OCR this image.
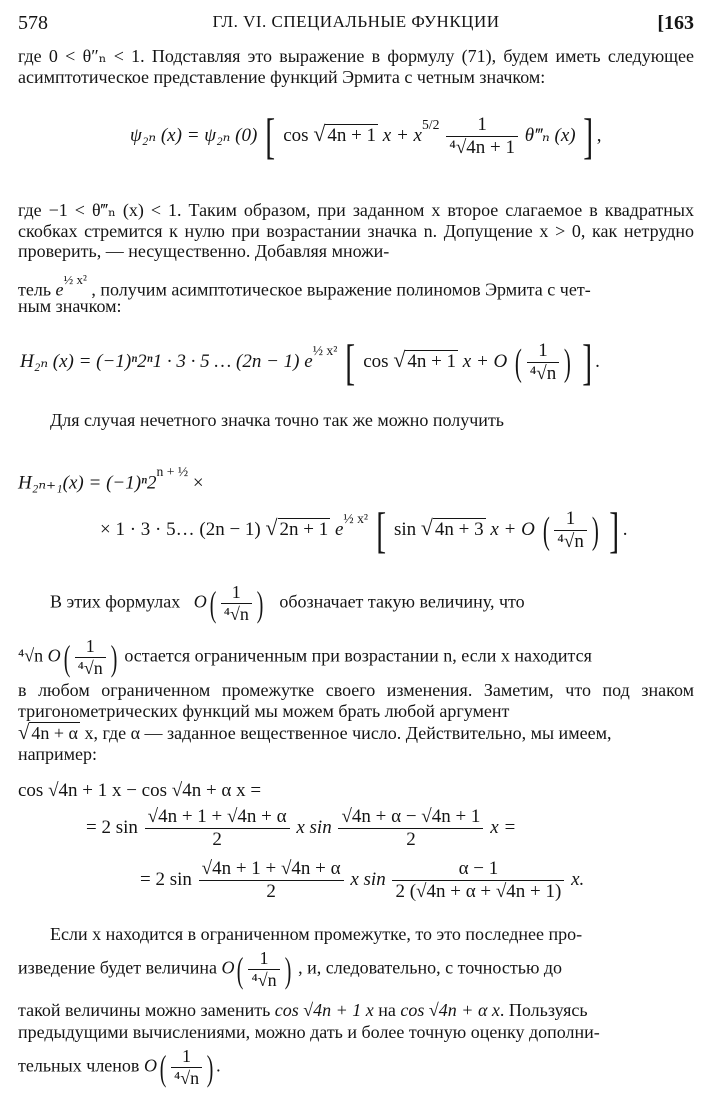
578	ГЛ. VI. СПЕЦИАЛЬНЫЕ ФУНКЦИИ	[163

где 0 < θ″ₙ < 1. Подставляя это выражение в формулу (71), будем иметь следующее асимптотическое представление функций Эрмита с четным значком:

ψ₂ₙ (x) = ψ₂ₙ (0) [ cos √ 4n + 1 $x + x^{5/2} \frac{1}{\text{⁴√4n + 1}}$ θ‴ₙ (x) ] ,

где −1 < θ‴ₙ (x) < 1. Таким образом, при заданном x второе слагаемое в квадратных скобках стремится к нулю при возрастании значка n. Допущение x > 0, как нетрудно проверить, — несущественно. Добавляя множи-

тель $e^{\frac{1}{2} x^2}$ , получим асимптотическое выражение полиномов Эрмита с чет-
ным значком:
H₂ₙ (x) = (−1)ⁿ2ⁿ1 · 3 · 5 … (2n − 1) $e^{\frac{1}{2} x^2}$ [ cos √ 4n + 1 x + O ( $\frac{1}{\text{⁴√n}}$ ) ] .
Для случая нечетного значка точно так же можно получить
$H_{2n+1}(x) = (-1)^n2^{n + \frac{1}{2}}$ ×
× 1 · 3 · 5… (2n − 1) √ 2n + 1 $e^{\frac{1}{2} x^2}$ [ sin √ 4n + 3 x + O ( $\frac{1}{\text{⁴√n}}$ ) ] .
В этих формулах $O( \frac{1}{\text{⁴√n}}$ ) обозначает такую величину, что
⁴√n $O( \frac{1}{\text{⁴√n}}$ ) остается ограниченным при возрастании n, если x находится

в любом ограниченном промежутке своего изменения. Заметим, что под знаком тригонометрических функций мы можем брать любой аргумент

√ 4n + α x, где α — заданное вещественное число. Действительно, мы имеем,
например:
cos √4n + 1 x − cos √4n + α x =
= 2 $\sin \frac{√4n + 1 + √4n + \alpha}{2}$ x $\sin \frac{√4n + \alpha - √4n + 1}{2}$ x =
= 2 $\sin \frac{√4n + 1 + √4n + \alpha}{2}$ x $\sin \frac{\alpha - 1}{2 (√4n + \alpha + √4n + 1)} x$.
Если x находится в ограниченном промежутке, то это последнее про-
изведение будет величина $O( \frac{1}{\text{⁴√n}}$ ) , и, следовательно, с точностью до
такой величины можно заменить cos √4n + 1 x на cos √4n + α x. Пользуясь
предыдущими вычислениями, можно дать и более точную оценку дополни-
тельных членов $O( \frac{1}{\text{⁴√n}}$ ) .
